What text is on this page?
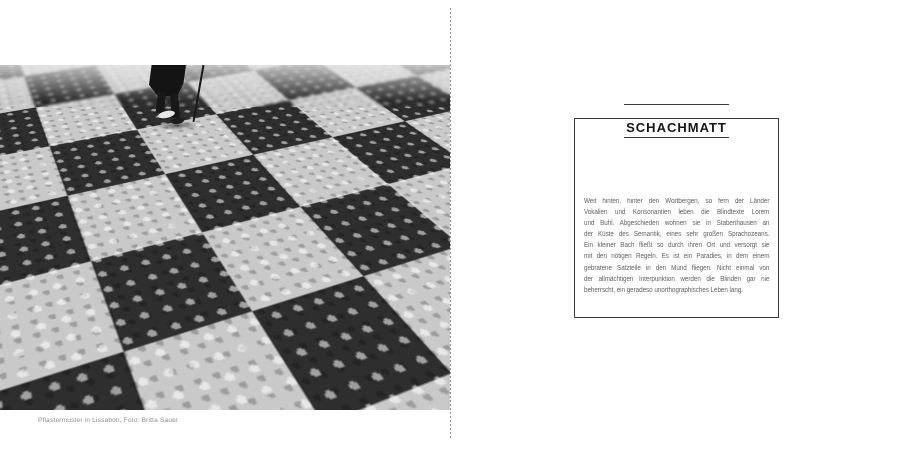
Pflastermuster in Lissabon, Foto: Britta Sauer
SCHACHMATT
Weit hinten, hinter den Wortbergen, so fern der Länder
Vokalien und Konsonantien leben die Blindtexte Lorem
und Buhl. Abgeschieden wohnen sie in Stabenhausen an
der Küste des Semantik, eines sehr großen Sprachozeans.
Ein kleiner Bach fließt so durch ihren Ort und versorgt sie
mit den nötigen Regeln. Es ist ein Paradies, in dem einem
gebratene Satzteile in den Mund fliegen. Nicht einmal von
der allmächtigen Interpunktion werden die Blinden gar nie
beherrscht, ein geradeso unorthographisches Leben lang.
